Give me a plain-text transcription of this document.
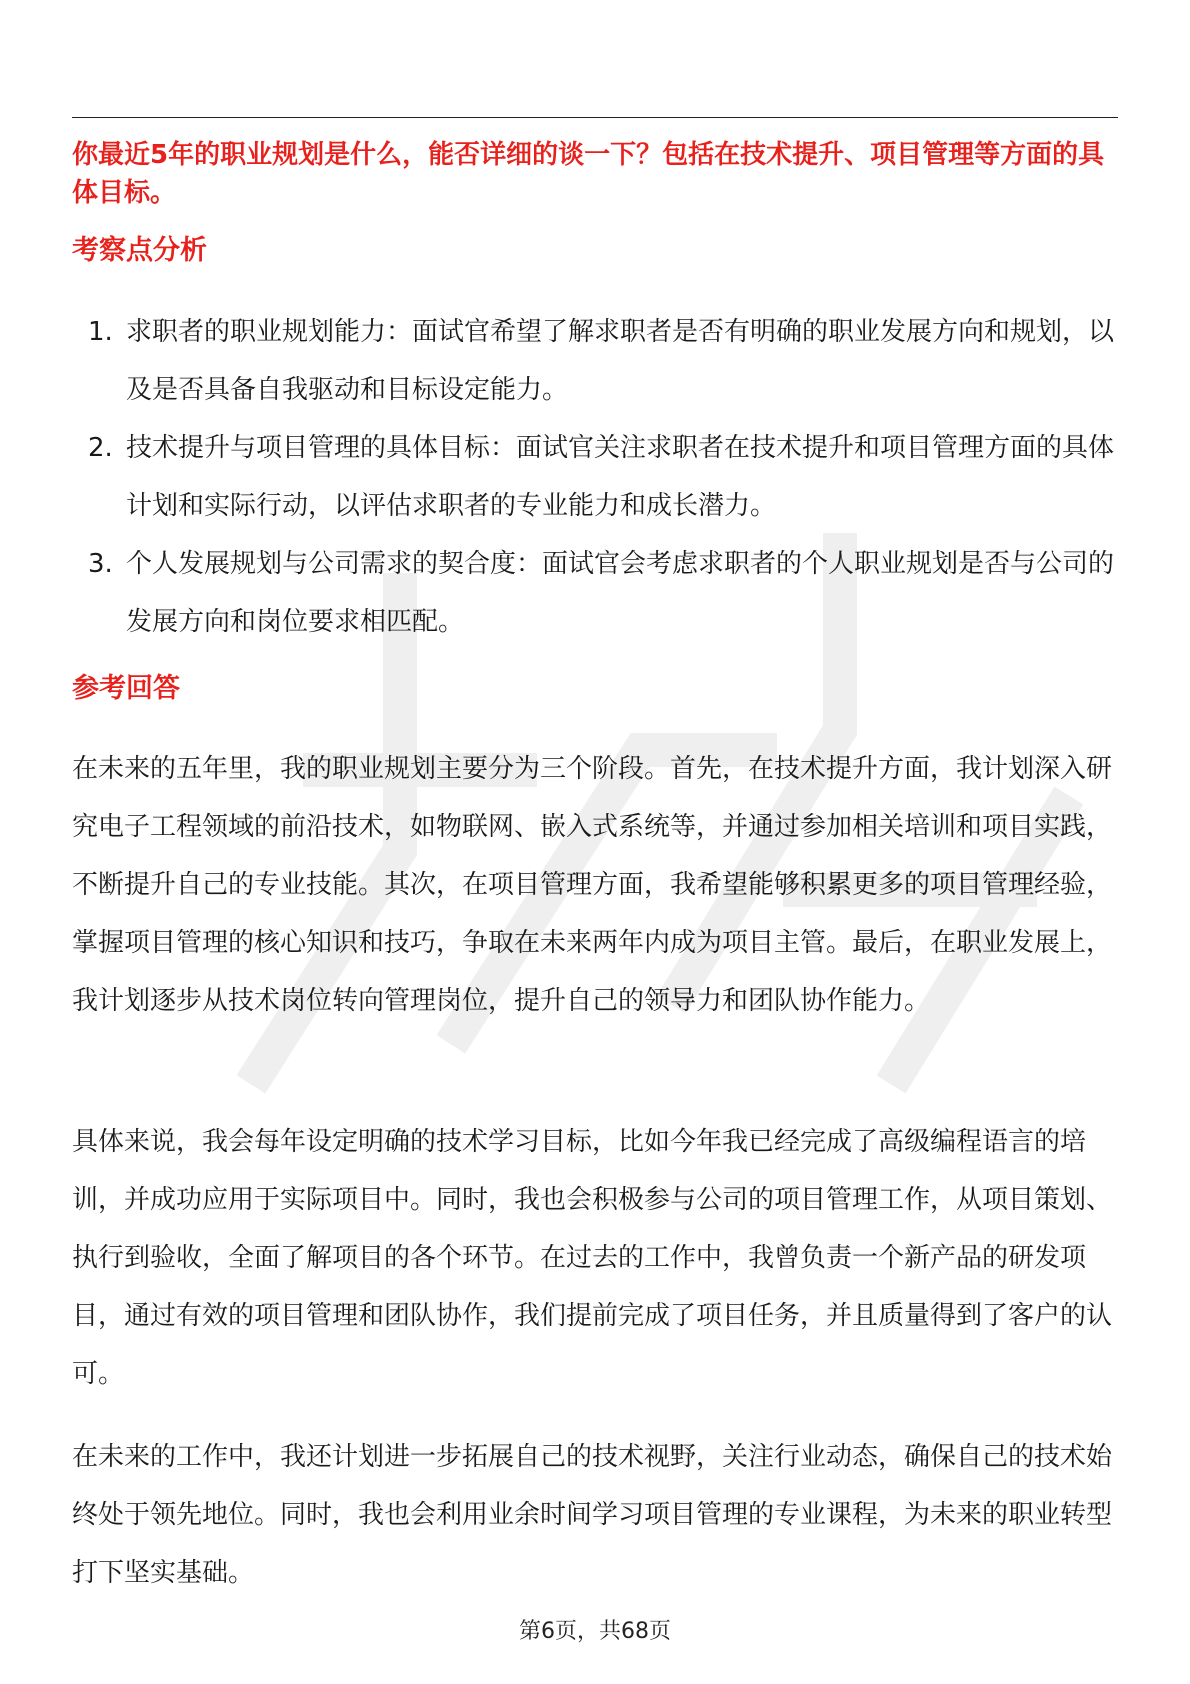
你最近5年的职业规划是什么，能否详细的谈一下？包括在技术提升、项目管理等方面的具体目标。

考察点分析
1. 求职者的职业规划能力：面试官希望了解求职者是否有明确的职业发展方向和规划，以及是否具备自我驱动和目标设定能力。
2. 技术提升与项目管理的具体目标：面试官关注求职者在技术提升和项目管理方面的具体计划和实际行动，以评估求职者的专业能力和成长潜力。
3. 个人发展规划与公司需求的契合度：面试官会考虑求职者的个人职业规划是否与公司的发展方向和岗位要求相匹配。
参考回答

在未来的五年里，我的职业规划主要分为三个阶段。首先，在技术提升方面，我计划深入研究电子工程领域的前沿技术，如物联网、嵌入式系统等，并通过参加相关培训和项目实践，不断提升自己的专业技能。其次，在项目管理方面，我希望能够积累更多的项目管理经验，掌握项目管理的核心知识和技巧，争取在未来两年内成为项目主管。最后，在职业发展上，我计划逐步从技术岗位转向管理岗位，提升自己的领导力和团队协作能力。

具体来说，我会每年设定明确的技术学习目标，比如今年我已经完成了高级编程语言的培训，并成功应用于实际项目中。同时，我也会积极参与公司的项目管理工作，从项目策划、执行到验收，全面了解项目的各个环节。在过去的工作中，我曾负责一个新产品的研发项目，通过有效的项目管理和团队协作，我们提前完成了项目任务，并且质量得到了客户的认可。

在未来的工作中，我还计划进一步拓展自己的技术视野，关注行业动态，确保自己的技术始终处于领先地位。同时，我也会利用业余时间学习项目管理的专业课程，为未来的职业转型打下坚实基础。

第6页，共68页
